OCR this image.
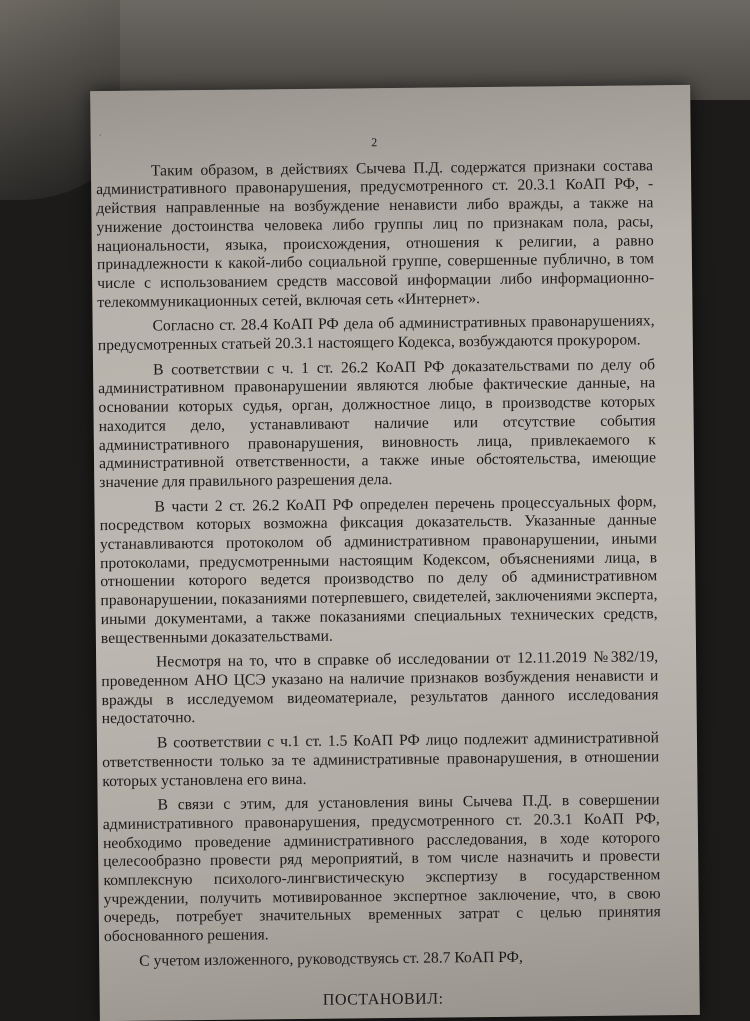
˙	2

Таким образом, в действиях Сычева П.Д. содержатся признаки состава административного правонарушения, предусмотренного ст. 20.3.1 КоАП РФ, - действия направленные на возбуждение ненависти либо вражды, а также на унижение достоинства человека либо группы лиц по признакам пола, расы, национальности, языка, происхождения, отношения к религии, а равно принадлежности к какой-либо социальной группе, совершенные публично, в том числе с использованием средств массовой информации либо информационно-телекоммуникационных сетей, включая сеть «Интернет».

Согласно ст. 28.4 КоАП РФ дела об административных правонарушениях, предусмотренных статьей 20.3.1 настоящего Кодекса, возбуждаются прокурором.

В соответствии с ч. 1 ст. 26.2 КоАП РФ доказательствами по делу об административном правонарушении являются любые фактические данные, на основании которых судья, орган, должностное лицо, в производстве которых находится дело, устанавливают наличие или отсутствие события административного правонарушения, виновность лица, привлекаемого к административной ответственности, а также иные обстоятельства, имеющие значение для правильного разрешения дела.

В части 2 ст. 26.2 КоАП РФ определен перечень процессуальных форм, посредством которых возможна фиксация доказательств. Указанные данные устанавливаются протоколом об административном правонарушении, иными протоколами, предусмотренными настоящим Кодексом, объяснениями лица, в отношении которого ведется производство по делу об административном правонарушении, показаниями потерпевшего, свидетелей, заключениями эксперта, иными документами, а также показаниями специальных технических средств, вещественными доказательствами.

Несмотря на то, что в справке об исследовании от 12.11.2019 №382/19, проведенном АНО ЦСЭ указано на наличие признаков возбуждения ненависти и вражды в исследуемом видеоматериале, результатов данного исследования недостаточно.

В соответствии с ч.1 ст. 1.5 КоАП РФ лицо подлежит административной ответственности только за те административные правонарушения, в отношении которых установлена его вина.

В связи с этим, для установления вины Сычева П.Д. в совершении административного правонарушения, предусмотренного ст. 20.3.1 КоАП РФ, необходимо проведение административного расследования, в ходе которого целесообразно провести ряд мероприятий, в том числе назначить и провести комплексную психолого-лингвистическую экспертизу в государственном учреждении, получить мотивированное экспертное заключение, что, в свою очередь, потребует значительных временных затрат с целью принятия обоснованного решения.

С учетом изложенного, руководствуясь ст. 28.7 КоАП РФ,

ПОСТАНОВИЛ:
